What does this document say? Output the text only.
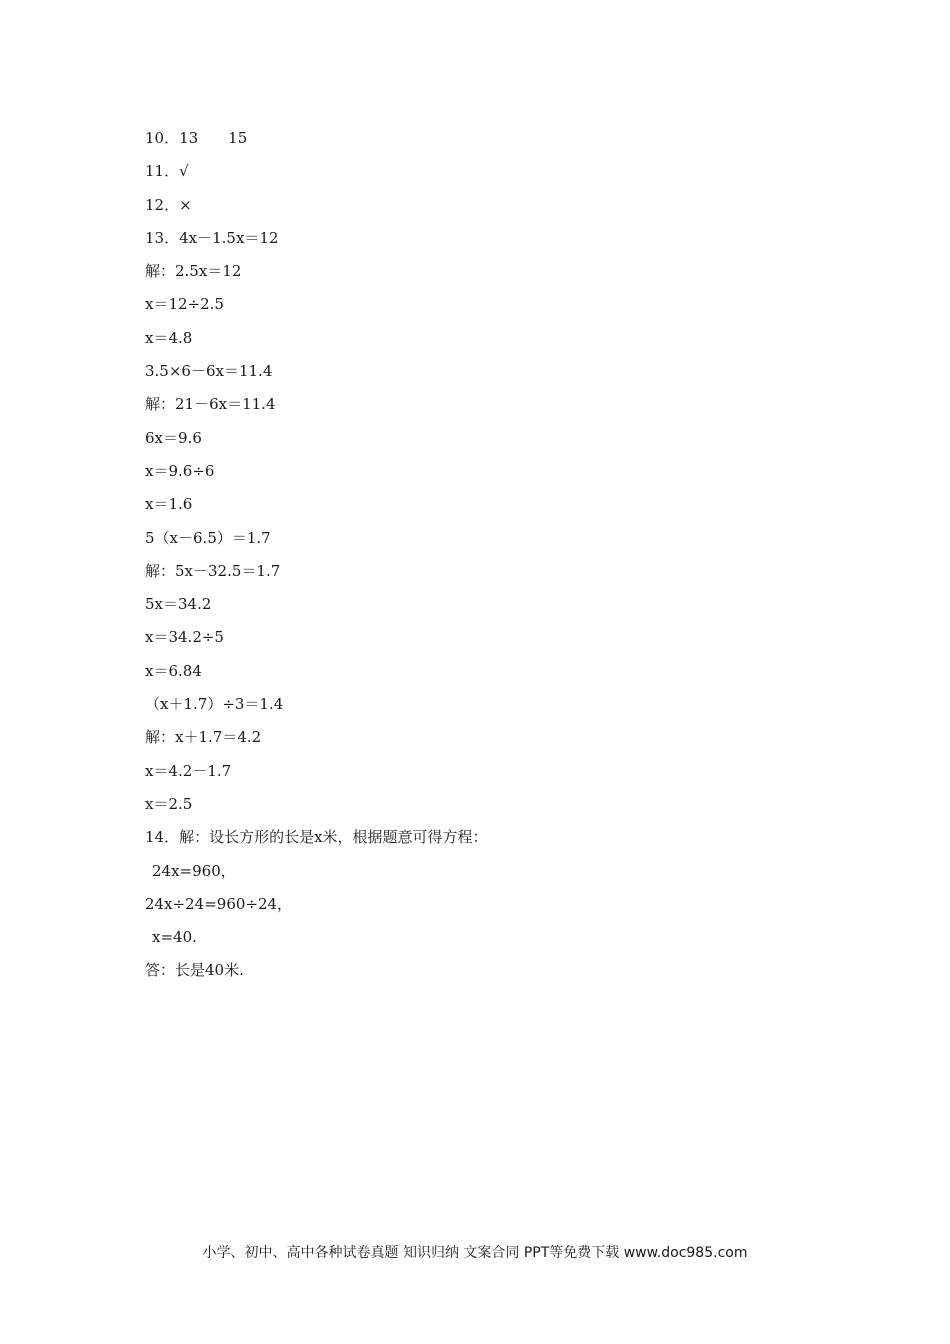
10．13　　15
11．√
12．×
13．4x－1.5x＝12
解：2.5x＝12
x＝12÷2.5
x＝4.8
3.5×6－6x＝11.4
解：21－6x＝11.4
6x＝9.6
x＝9.6÷6
x＝1.6
5（x－6.5）＝1.7
解：5x－32.5＝1.7
5x＝34.2
x＝34.2÷5
x＝6.84
（x＋1.7）÷3＝1.4
解：x＋1.7＝4.2
x＝4.2－1.7
x＝2.5
14．解：设长方形的长是x米，根据题意可得方程：
24x=960，
24x÷24=960÷24，
x=40.
答：长是40米.
小学、初中、高中各种试卷真题 知识归纳 文案合同 PPT等免费下载 www.doc985.com
